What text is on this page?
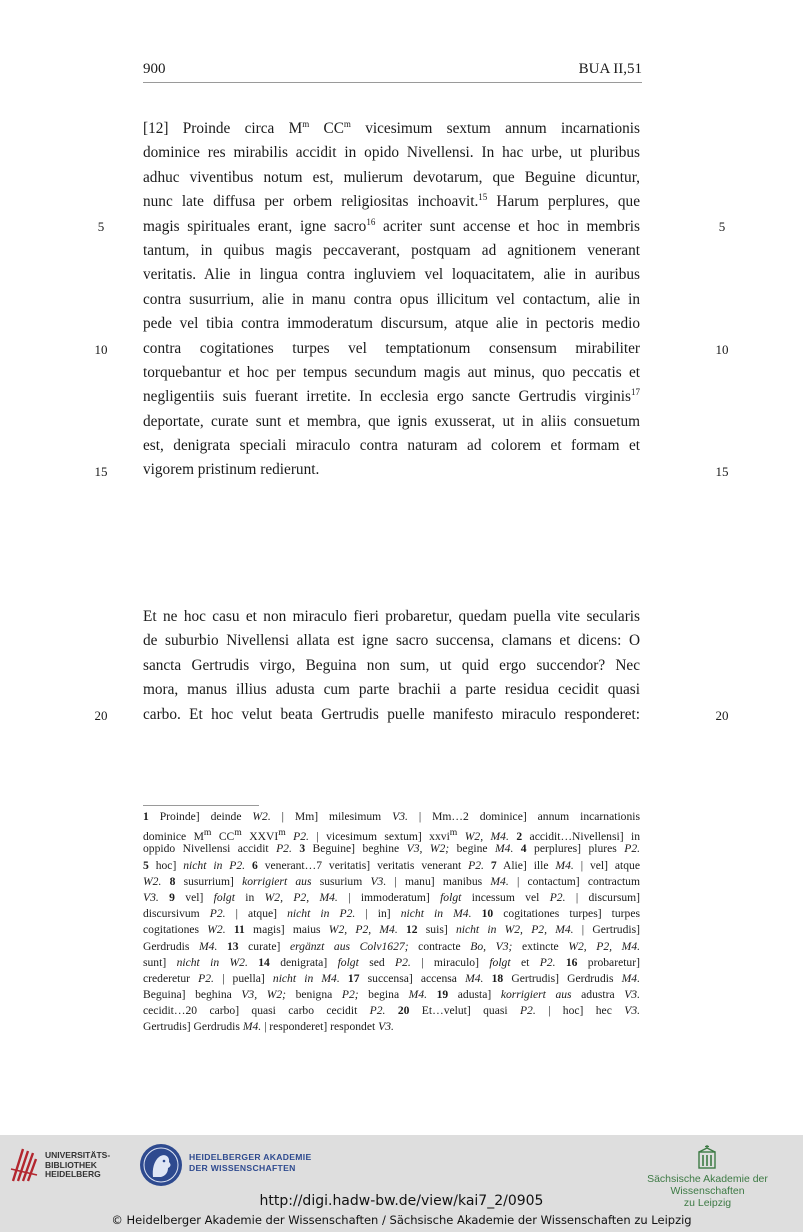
900	BUA II,51
[12] Proinde circa $M^m$ $CC^m$ vicesimum sextum annum incarnationis
dominice res mirabilis accidit in opido Nivellensi. In hac urbe, ut pluribus
adhuc viventibus notum est, mulierum devotarum, que Beguine dicuntur,
nunc late diffusa per orbem religiositas inchoavit.$^{15}$ Harum perplures, que
magis spirituales erant, igne sacro$^{16}$ acriter sunt accense et hoc in membris
tantum, in quibus magis peccaverant, postquam ad agnitionem venerant
veritatis. Alie in lingua contra ingluviem vel loquacitatem, alie in auribus
contra susurrium, alie in manu contra opus illicitum vel contactum, alie in
pede vel tibia contra immoderatum discursum, atque alie in pectoris medio
contra cogitationes turpes vel temptationum consensum mirabiliter
torquebantur et hoc per tempus secundum magis aut minus, quo peccatis et
negligentiis suis fuerant irretite. In ecclesia ergo sancte Gertrudis virginis$^{17}$
deportate, curate sunt et membra, que ignis exusserat, ut in aliis consuetum
est, denigrata speciali miraculo contra naturam ad colorem et formam et
vigorem pristinum redierunt.
Et ne hoc casu et non miraculo fieri probaretur, quedam puella vite secularis
de suburbio Nivellensi allata est igne sacro succensa, clamans et dicens: O
sancta Gertrudis virgo, Beguina non sum, ut quid ergo succendor? Nec
mora, manus illius adusta cum parte brachii a parte residua cecidit quasi
carbo. Et hoc velut beata Gertrudis puelle manifesto miraculo responderet:
5	5
10	10
15	15
20	20
1 Proinde] deinde W2. | Mm] milesimum V3. | Mm…2 dominice] annum incarnationis
dominice $M^m$ $CC^m$ XXVI$^m$ P2. | vicesimum sextum] xxvi$^m$ W2, M4. 2 accidit…Nivellensi] in
oppido Nivellensi accidit P2. 3 Beguine] beghine V3, W2; begine M4. 4 perplures] plures P2.
5 hoc] nicht in P2. 6 venerant…7 veritatis] veritatis venerant P2. 7 Alie] ille M4. | vel] atque
W2. 8 susurrium] korrigiert aus susurium V3. | manu] manibus M4. | contactum] contractum
V3. 9 vel] folgt in W2, P2, M4. | immoderatum] folgt incessum vel P2. | discursum]
discursivum P2. | atque] nicht in P2. | in] nicht in M4. 10 cogitationes turpes] turpes
cogitationes W2. 11 magis] maius W2, P2, M4. 12 suis] nicht in W2, P2, M4. | Gertrudis]
Gerdrudis M4. 13 curate] ergänzt aus Colv1627; contracte Bo, V3; extincte W2, P2, M4.
sunt] nicht in W2. 14 denigrata] folgt sed P2. | miraculo] folgt et P2. 16 probaretur]
crederetur P2. | puella] nicht in M4. 17 succensa] accensa M4. 18 Gertrudis] Gerdrudis M4.
Beguina] beghina V3, W2; benigna P2; begina M4. 19 adusta] korrigiert aus adustra V3.
cecidit…20 carbo] quasi carbo cecidit P2. 20 Et…velut] quasi P2. | hoc] hec V3.
Gertrudis] Gerdrudis M4. | responderet] respondet V3.
UNIVERSITÄTS-
BIBLIOTHEK
HEIDELBERG
HEIDELBERGER AKADEMIE
DER WISSENSCHAFTEN
Sächsische Akademie der Wissenschaften
zu Leipzig
http://digi.hadw-bw.de/view/kai7_2/0905
© Heidelberger Akademie der Wissenschaften / Sächsische Akademie der Wissenschaften zu Leipzig
